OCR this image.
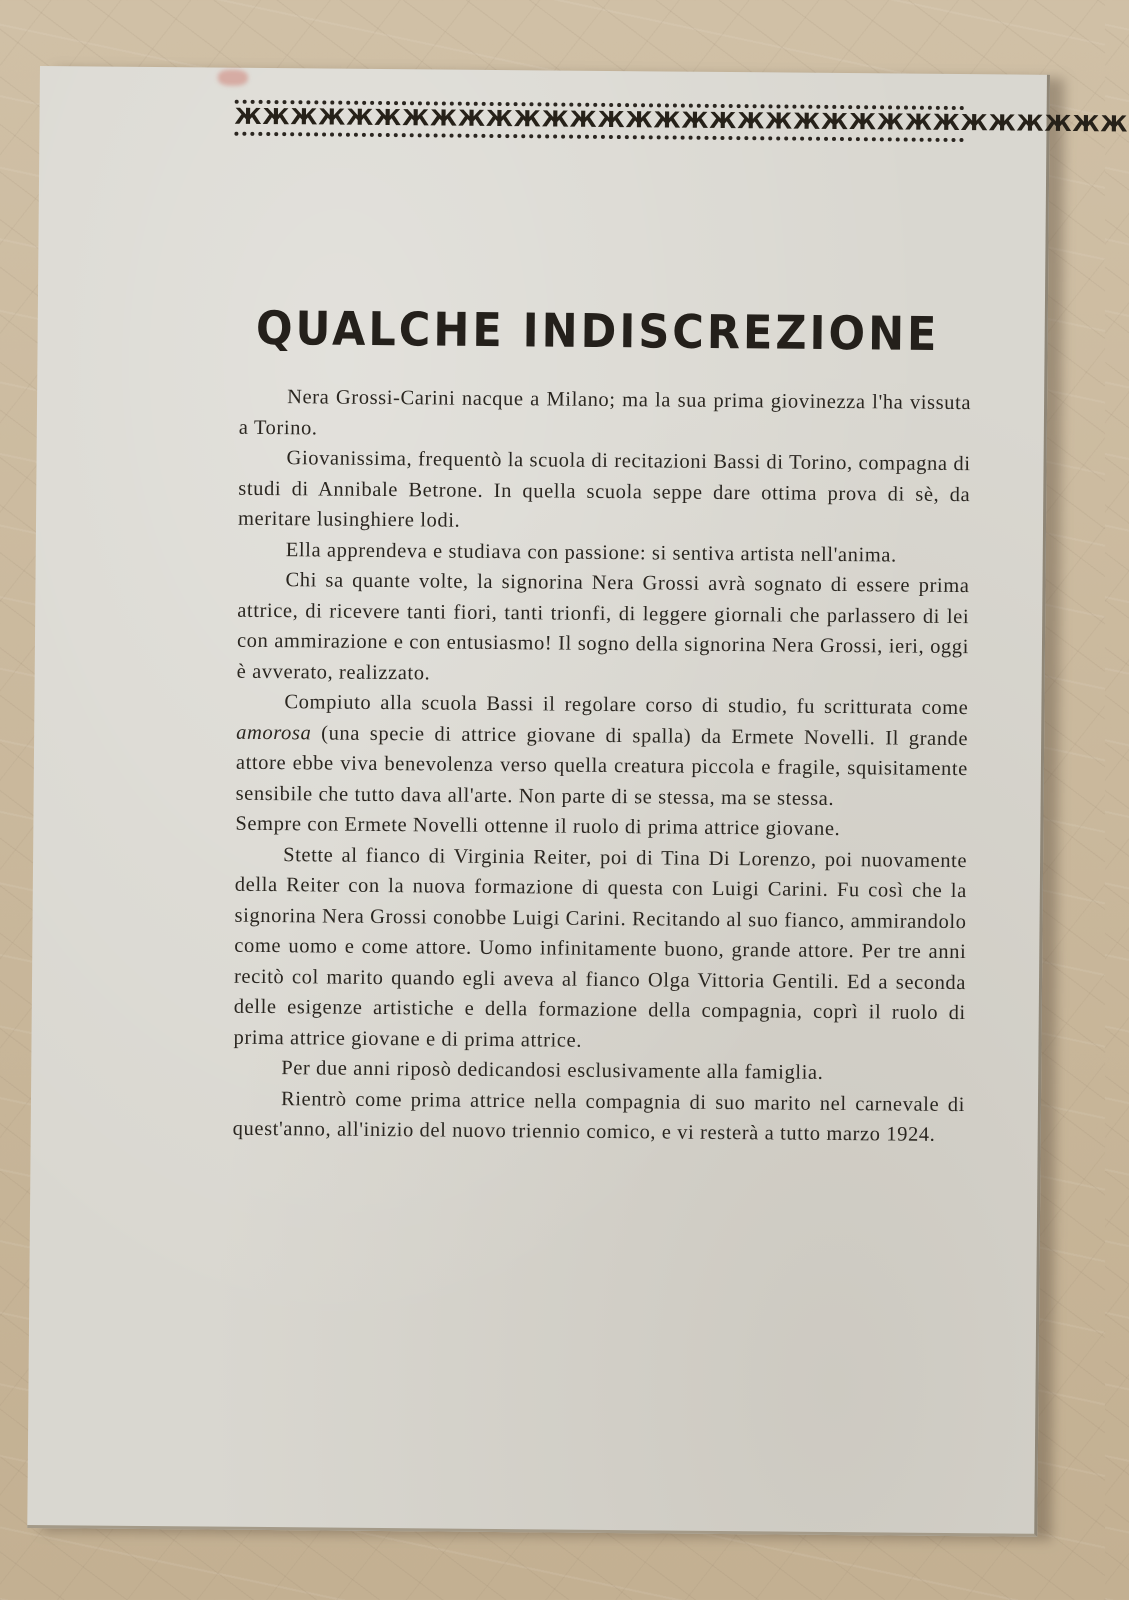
ЖЖЖЖЖЖЖЖЖЖЖЖЖЖЖЖЖЖЖЖЖЖЖЖЖЖЖЖЖЖЖЖ
QUALCHE INDISCREZIONE

Nera Grossi-Carini nacque a Milano; ma la sua prima giovinezza l'ha vissuta a Torino.

Giovanissima, frequentò la scuola di recitazioni Bassi di Torino, compagna di studi di Annibale Betrone. In quella scuola seppe dare ottima prova di sè, da meritare lusinghiere lodi.

Ella apprendeva e studiava con passione: si sentiva artista nell'anima.

Chi sa quante volte, la signorina Nera Grossi avrà sognato di essere prima attrice, di ricevere tanti fiori, tanti trionfi, di leggere giornali che parlassero di lei con ammirazione e con entusiasmo! Il sogno della signorina Nera Grossi, ieri, oggi è avverato, realizzato.

Compiuto alla scuola Bassi il regolare corso di studio, fu scritturata come amorosa (una specie di attrice giovane di spalla) da Ermete Novelli. Il grande attore ebbe viva benevolenza verso quella creatura piccola e fragile, squisitamente sensibile che tutto dava all'arte. Non parte di se stessa, ma se stessa.

Sempre con Ermete Novelli ottenne il ruolo di prima attrice giovane.

Stette al fianco di Virginia Reiter, poi di Tina Di Lorenzo, poi nuovamente della Reiter con la nuova formazione di questa con Luigi Carini. Fu così che la signorina Nera Grossi conobbe Luigi Carini. Recitando al suo fianco, ammirandolo come uomo e come attore. Uomo infinitamente buono, grande attore. Per tre anni recitò col marito quando egli aveva al fianco Olga Vittoria Gentili. Ed a seconda delle esigenze artistiche e della formazione della compagnia, coprì il ruolo di prima attrice giovane e di prima attrice.

Per due anni riposò dedicandosi esclusivamente alla famiglia.

Rientrò come prima attrice nella compagnia di suo marito nel carnevale di quest'anno, all'inizio del nuovo triennio comico, e vi resterà a tutto marzo 1924.
